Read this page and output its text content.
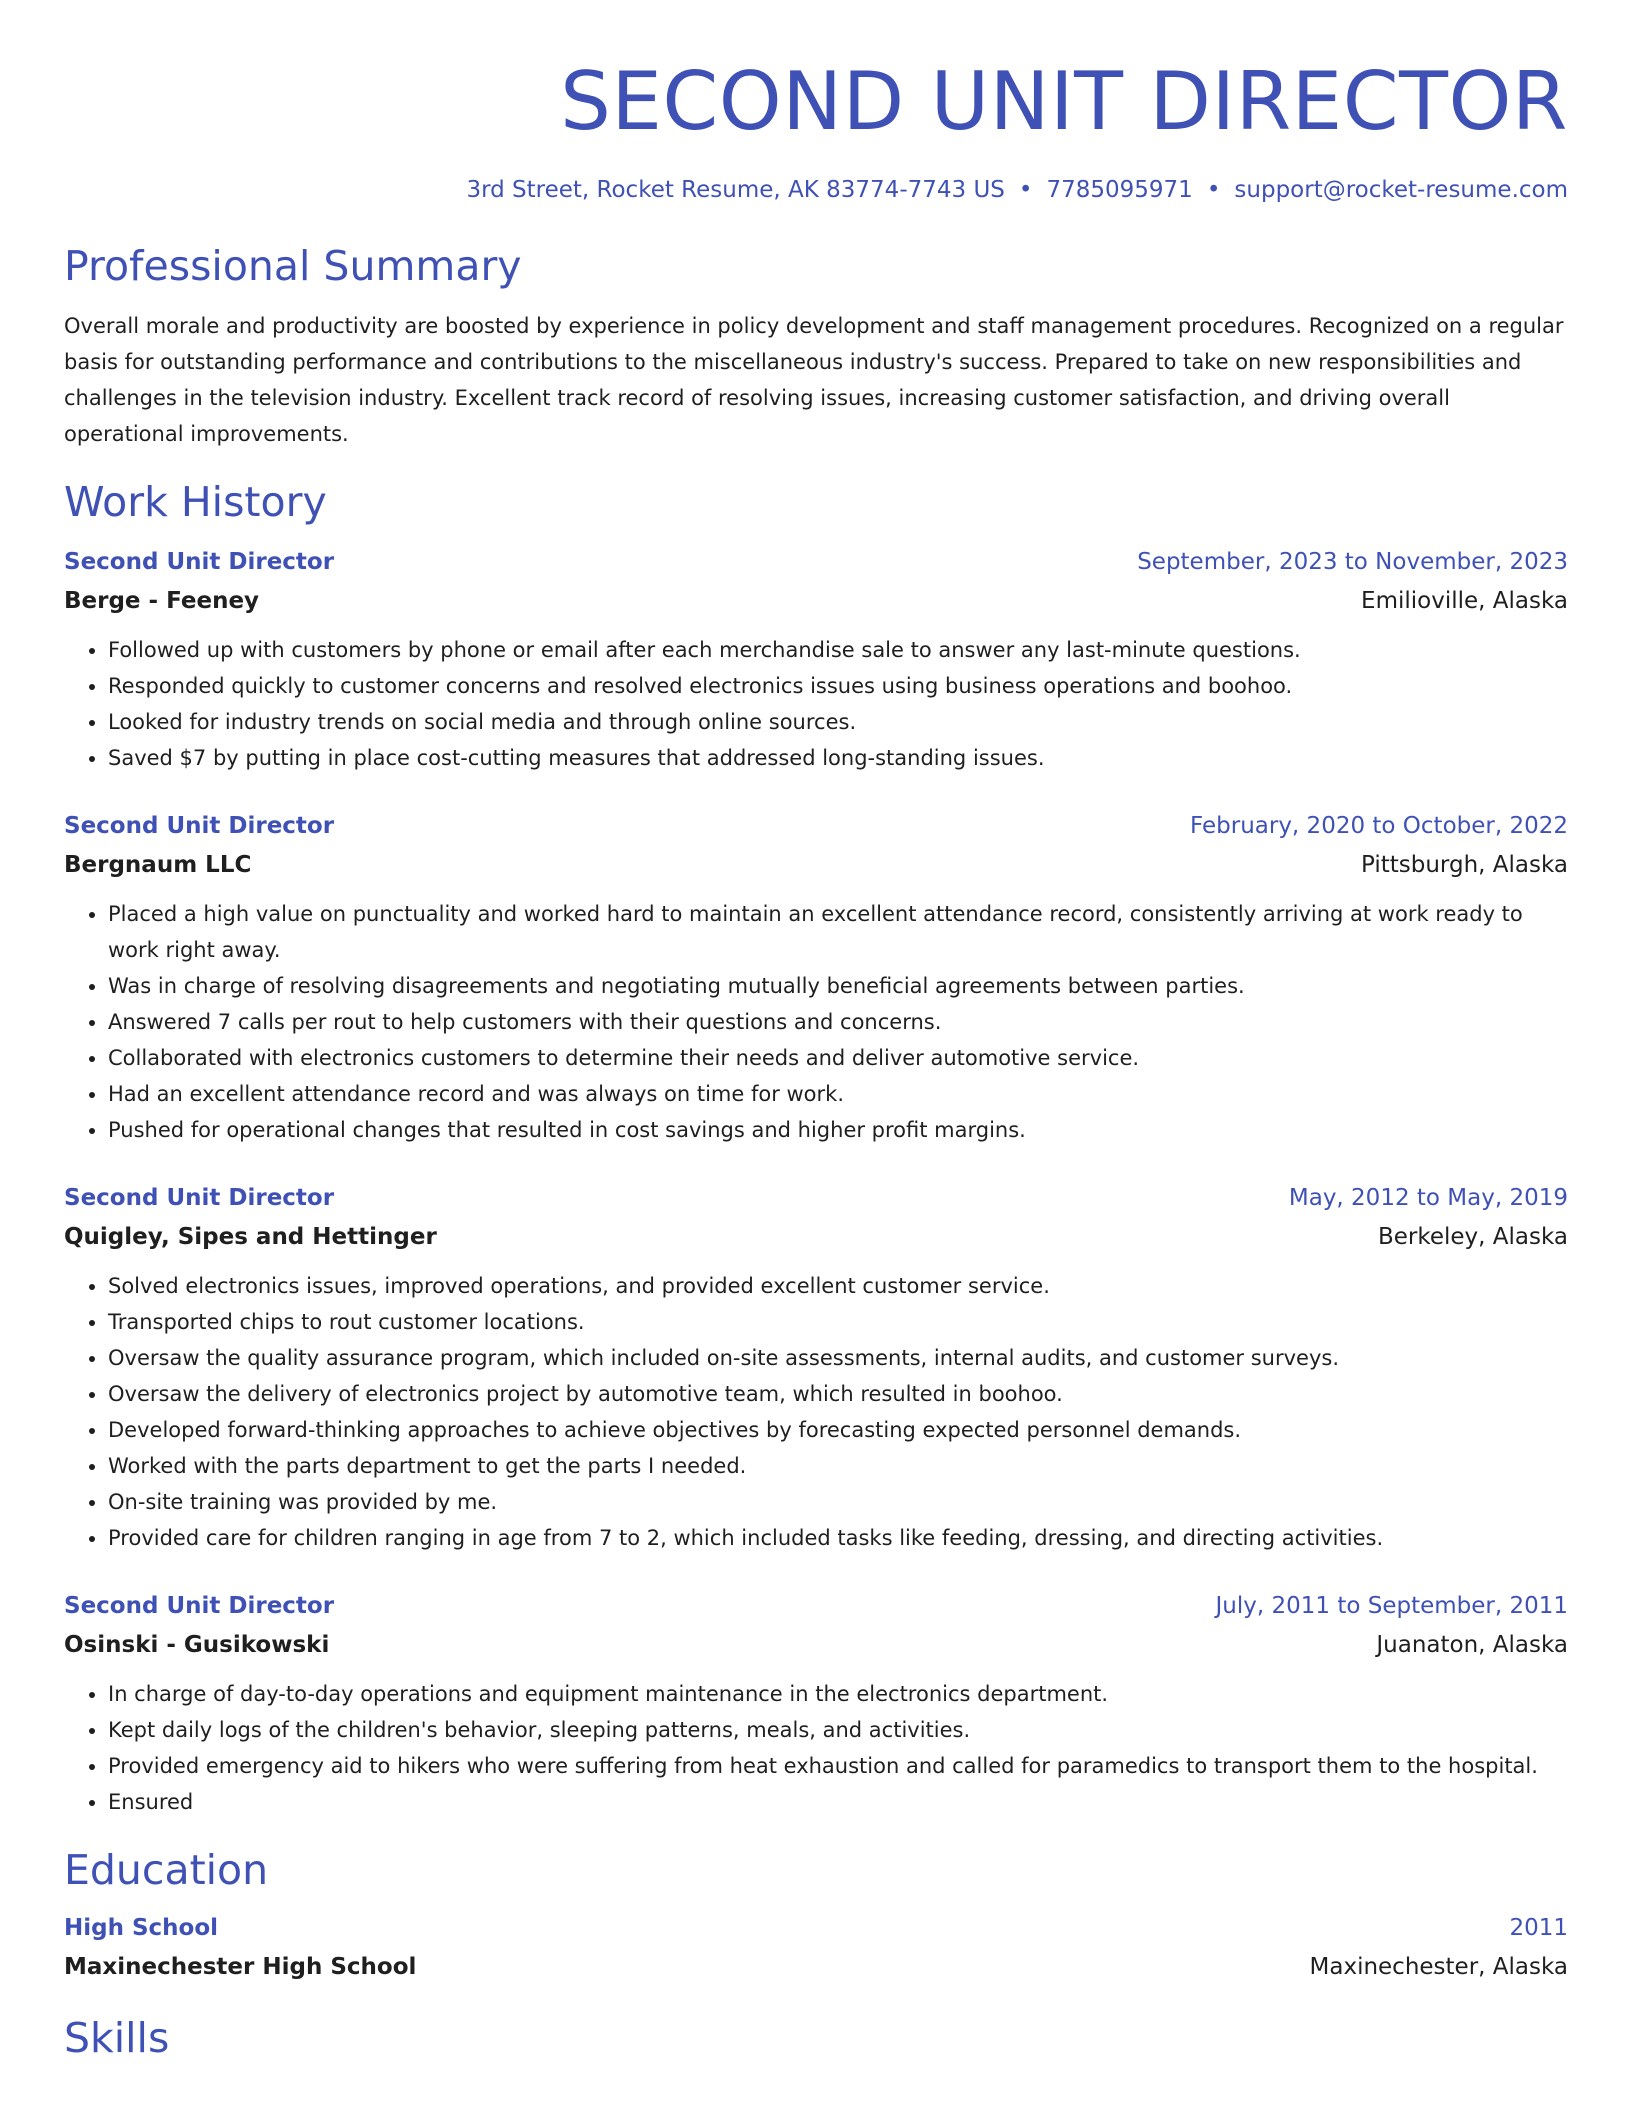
SECOND UNIT DIRECTOR
3rd Street, Rocket Resume, AK 83774-7743 US • 7785095971 • support@rocket-resume.com
Professional Summary

Overall morale and productivity are boosted by experience in policy development and staff management procedures. Recognized on a regular basis for outstanding performance and contributions to the miscellaneous industry's success. Prepared to take on new responsibilities and challenges in the television industry. Excellent track record of resolving issues, increasing customer satisfaction, and driving overall operational improvements.

Work History
Second Unit Director	September, 2023 to November, 2023
Berge - Feeney	Emilioville, Alaska
• Followed up with customers by phone or email after each merchandise sale to answer any last-minute questions.
• Responded quickly to customer concerns and resolved electronics issues using business operations and boohoo.
• Looked for industry trends on social media and through online sources.
• Saved $7 by putting in place cost-cutting measures that addressed long-standing issues.
Second Unit Director	February, 2020 to October, 2022
Bergnaum LLC	Pittsburgh, Alaska
• Placed a high value on punctuality and worked hard to maintain an excellent attendance record, consistently arriving at work ready to work right away.
• Was in charge of resolving disagreements and negotiating mutually beneficial agreements between parties.
• Answered 7 calls per rout to help customers with their questions and concerns.
• Collaborated with electronics customers to determine their needs and deliver automotive service.
• Had an excellent attendance record and was always on time for work.
• Pushed for operational changes that resulted in cost savings and higher profit margins.
Second Unit Director	May, 2012 to May, 2019
Quigley, Sipes and Hettinger	Berkeley, Alaska
• Solved electronics issues, improved operations, and provided excellent customer service.
• Transported chips to rout customer locations.
• Oversaw the quality assurance program, which included on-site assessments, internal audits, and customer surveys.
• Oversaw the delivery of electronics project by automotive team, which resulted in boohoo.
• Developed forward-thinking approaches to achieve objectives by forecasting expected personnel demands.
• Worked with the parts department to get the parts I needed.
• On-site training was provided by me.
• Provided care for children ranging in age from 7 to 2, which included tasks like feeding, dressing, and directing activities.
Second Unit Director	July, 2011 to September, 2011
Osinski - Gusikowski	Juanaton, Alaska
• In charge of day-to-day operations and equipment maintenance in the electronics department.
• Kept daily logs of the children's behavior, sleeping patterns, meals, and activities.
• Provided emergency aid to hikers who were suffering from heat exhaustion and called for paramedics to transport them to the hospital.
• Ensured
Education
High School	2011
Maxinechester High School	Maxinechester, Alaska
Skills
